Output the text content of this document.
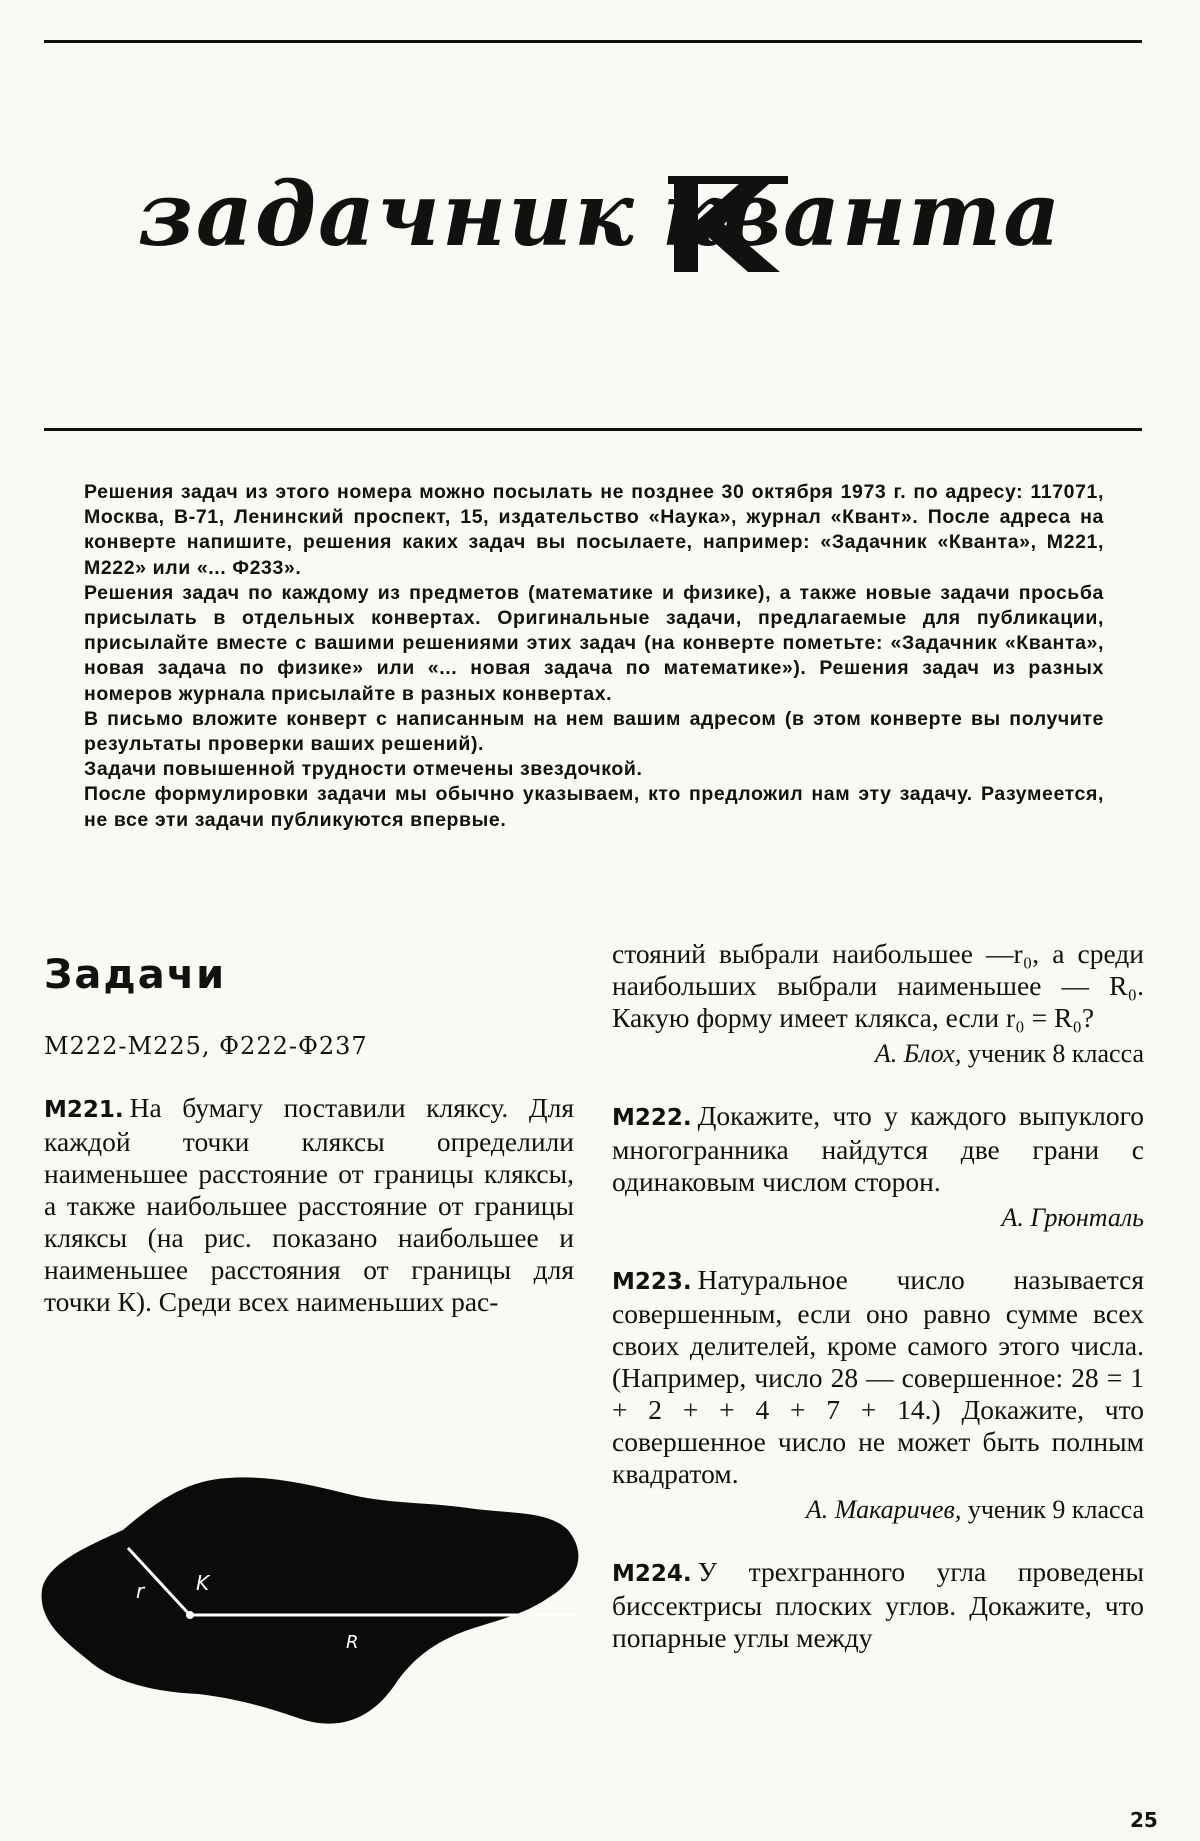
задачник кванта

Решения задач из этого номера можно посылать не позднее 30 октября 1973 г. по адресу: 117071, Москва, В-71, Ленинский проспект, 15, издательство «Наука», журнал «Квант». После адреса на конверте напишите, решения каких задач вы посылаете, например: «Задачник «Кванта», М221, М222» или «... Ф233».

Решения задач по каждому из предметов (математике и физике), а также новые задачи просьба присылать в отдельных конвертах. Оригинальные задачи, предлагаемые для публикации, присылайте вместе с вашими решениями этих задач (на конверте пометьте: «Задачник «Кванта», новая задача по физике» или «... новая задача по математике»). Решения задач из разных номеров журнала присылайте в разных конвертах.

В письмо вложите конверт с написанным на нем вашим адресом (в этом конверте вы получите результаты проверки ваших решений).

Задачи повышенной трудности отмечены звездочкой.

После формулировки задачи мы обычно указываем, кто предложил нам эту задачу. Разумеется, не все эти задачи публикуются впервые.

Задачи
М222-М225, Ф222-Ф237

М221. На бумагу поставили кляксу. Для каждой точки кляксы определили наименьшее расстояние от границы кляксы, а также наибольшее расстояние от границы кляксы (на рис. показано наибольшее и наименьшее расстояния от границы для точки К). Среди всех наименьших рас-

r	K
R

стояний выбрали наибольшее —r₀, а среди наибольших выбрали наименьшее — R₀. Какую форму имеет клякса, если r₀ = R₀?

А. Блох, ученик 8 класса

М222. Докажите, что у каждого выпуклого многогранника найдутся две грани с одинаковым числом сторон.

А. Грюнталь

М223. Натуральное число называется совершенным, если оно равно сумме всех своих делителей, кроме самого этого числа. (Например, число 28 — совершенное: 28 = 1 + 2 + + 4 + 7 + 14.) Докажите, что совершенное число не может быть полным квадратом.

А. Макаричев, ученик 9 класса

М224. У трехгранного угла проведены биссектрисы плоских углов. Докажите, что попарные углы между

25
